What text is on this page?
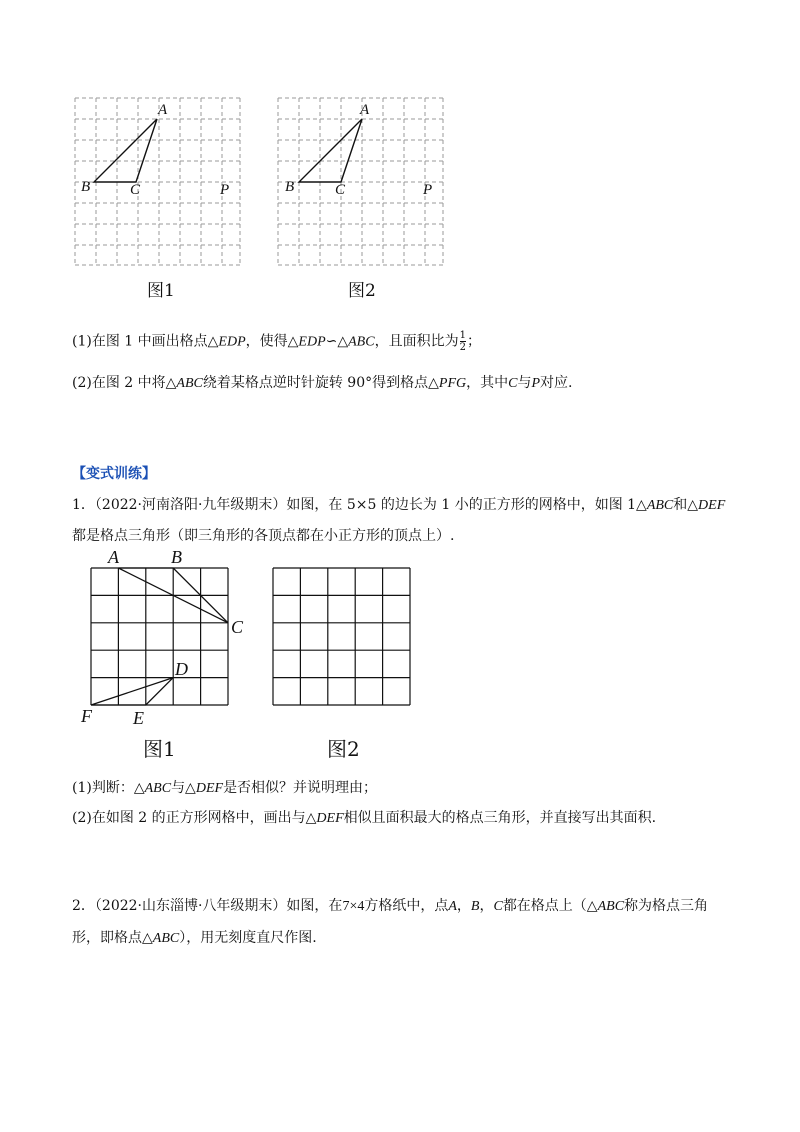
A
B	C	P
图1
A
B	C	P
图2
(1)在图 1 中画出格点△EDP，使得△EDP∽△ABC，且面积比为 $\frac{1}{2}$ ；
(2)在图 2 中将△ABC绕着某格点逆时针旋转 90°得到格点△PFG，其中C与P对应.
【变式训练】
1．（2022·河南洛阳·九年级期末）如图，在 5×5 的边长为 1 小的正方形的网格中，如图 1△ABC和△DEF
都是格点三角形（即三角形的各顶点都在小正方形的顶点上）.
A	B
C
D
E
F
图1	图2
(1)判断：△ABC与△DEF是否相似？并说明理由；
(2)在如图 2 的正方形网格中，画出与△DEF相似且面积最大的格点三角形，并直接写出其面积.
2．（2022·山东淄博·八年级期末）如图，在7×4方格纸中，点A，B，C都在格点上（△ABC称为格点三角
形，即格点△ABC），用无刻度直尺作图.
